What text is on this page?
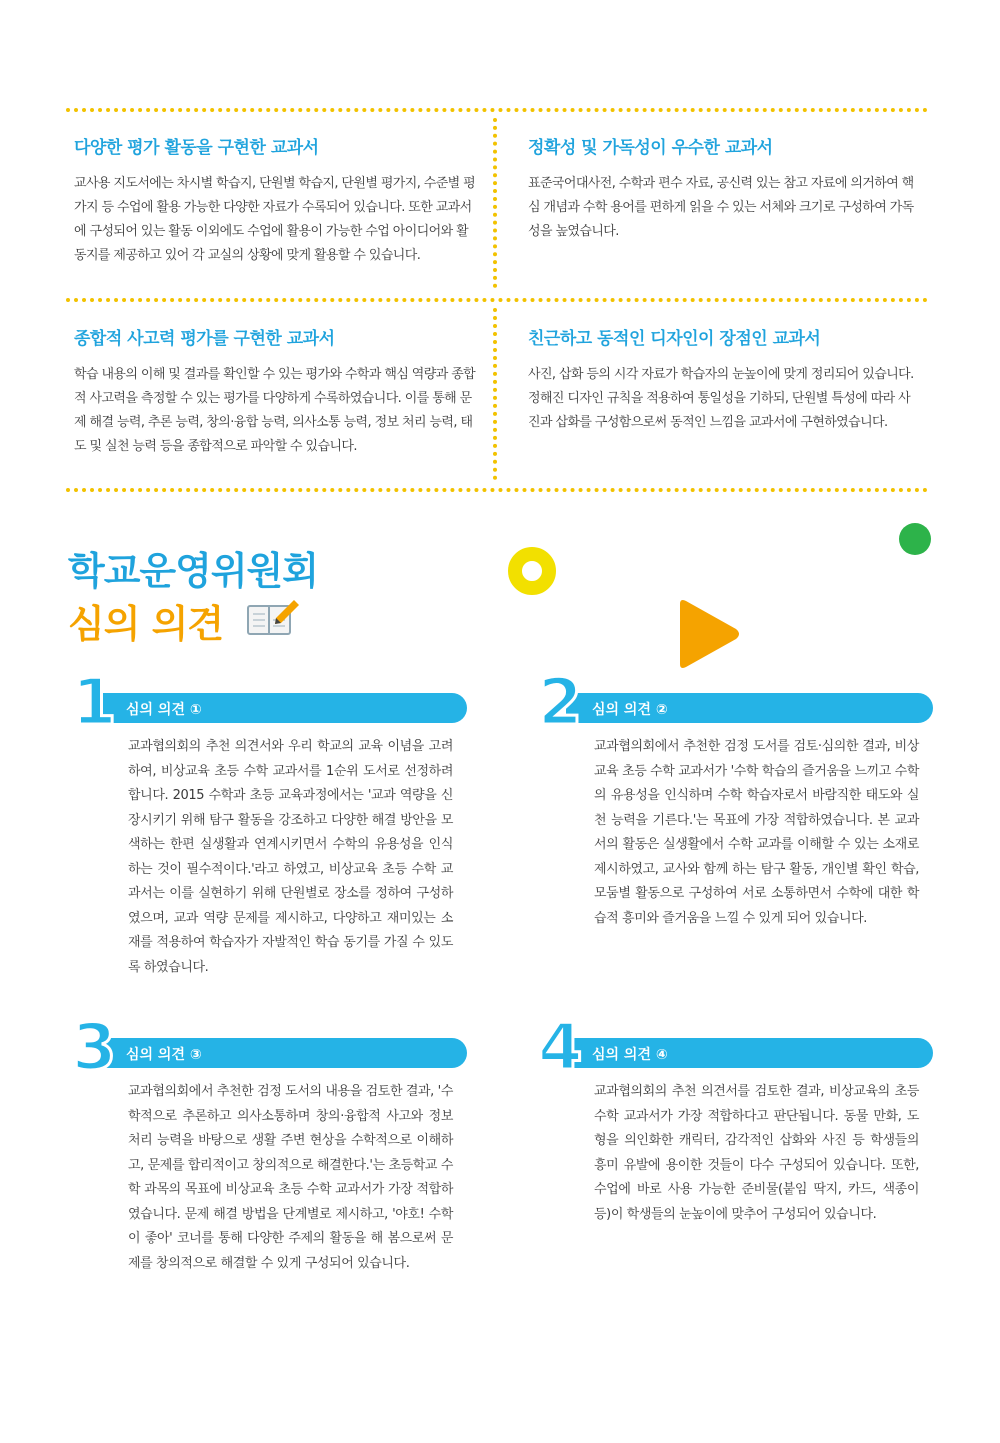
다양한 평가 활동을 구현한 교과서

교사용 지도서에는 차시별 학습지, 단원별 학습지, 단원별 평가지, 수준별 평가지 등 수업에 활용 가능한 다양한 자료가 수록되어 있습니다. 또한 교과서에 구성되어 있는 활동 이외에도 수업에 활용이 가능한 수업 아이디어와 활동지를 제공하고 있어 각 교실의 상황에 맞게 활용할 수 있습니다.

정확성 및 가독성이 우수한 교과서

표준국어대사전, 수학과 편수 자료, 공신력 있는 참고 자료에 의거하여 핵심 개념과 수학 용어를 편하게 읽을 수 있는 서체와 크기로 구성하여 가독성을 높였습니다.

종합적 사고력 평가를 구현한 교과서

학습 내용의 이해 및 결과를 확인할 수 있는 평가와 수학과 핵심 역량과 종합적 사고력을 측정할 수 있는 평가를 다양하게 수록하였습니다. 이를 통해 문제 해결 능력, 추론 능력, 창의·융합 능력, 의사소통 능력, 정보 처리 능력, 태도 및 실천 능력 등을 종합적으로 파악할 수 있습니다.

친근하고 동적인 디자인이 장점인 교과서

사진, 삽화 등의 시각 자료가 학습자의 눈높이에 맞게 정리되어 있습니다. 정해진 디자인 규칙을 적용하여 통일성을 기하되, 단원별 특성에 따라 사진과 삽화를 구성함으로써 동적인 느낌을 교과서에 구현하였습니다.

학교운영위원회
심의 의견
심의 의견 ①
1

교과협의회의 추천 의견서와 우리 학교의 교육 이념을 고려하여, 비상교육 초등 수학 교과서를 1순위 도서로 선정하려 합니다. 2015 수학과 초등 교육과정에서는 '교과 역량을 신장시키기 위해 탐구 활동을 강조하고 다양한 해결 방안을 모색하는 한편 실생활과 연계시키면서 수학의 유용성을 인식하는 것이 필수적이다.'라고 하였고, 비상교육 초등 수학 교과서는 이를 실현하기 위해 단원별로 장소를 정하여 구성하였으며, 교과 역량 문제를 제시하고, 다양하고 재미있는 소재를 적용하여 학습자가 자발적인 학습 동기를 가질 수 있도록 하였습니다.

심의 의견 ②
2

교과협의회에서 추천한 검정 도서를 검토·심의한 결과, 비상교육 초등 수학 교과서가 '수학 학습의 즐거움을 느끼고 수학의 유용성을 인식하며 수학 학습자로서 바람직한 태도와 실천 능력을 기른다.'는 목표에 가장 적합하였습니다. 본 교과서의 활동은 실생활에서 수학 교과를 이해할 수 있는 소재로 제시하였고, 교사와 함께 하는 탐구 활동, 개인별 확인 학습, 모둠별 활동으로 구성하여 서로 소통하면서 수학에 대한 학습적 흥미와 즐거움을 느낄 수 있게 되어 있습니다.

심의 의견 ③
3

교과협의회에서 추천한 검정 도서의 내용을 검토한 결과, '수학적으로 추론하고 의사소통하며 창의·융합적 사고와 정보 처리 능력을 바탕으로 생활 주변 현상을 수학적으로 이해하고, 문제를 합리적이고 창의적으로 해결한다.'는 초등학교 수학 과목의 목표에 비상교육 초등 수학 교과서가 가장 적합하였습니다. 문제 해결 방법을 단계별로 제시하고, '야호! 수학이 좋아' 코너를 통해 다양한 주제의 활동을 해 봄으로써 문제를 창의적으로 해결할 수 있게 구성되어 있습니다.

심의 의견 ④
4

교과협의회의 추천 의견서를 검토한 결과, 비상교육의 초등 수학 교과서가 가장 적합하다고 판단됩니다. 동물 만화, 도형을 의인화한 캐릭터, 감각적인 삽화와 사진 등 학생들의 흥미 유발에 용이한 것들이 다수 구성되어 있습니다. 또한, 수업에 바로 사용 가능한 준비물(붙임 딱지, 카드, 색종이 등)이 학생들의 눈높이에 맞추어 구성되어 있습니다.
